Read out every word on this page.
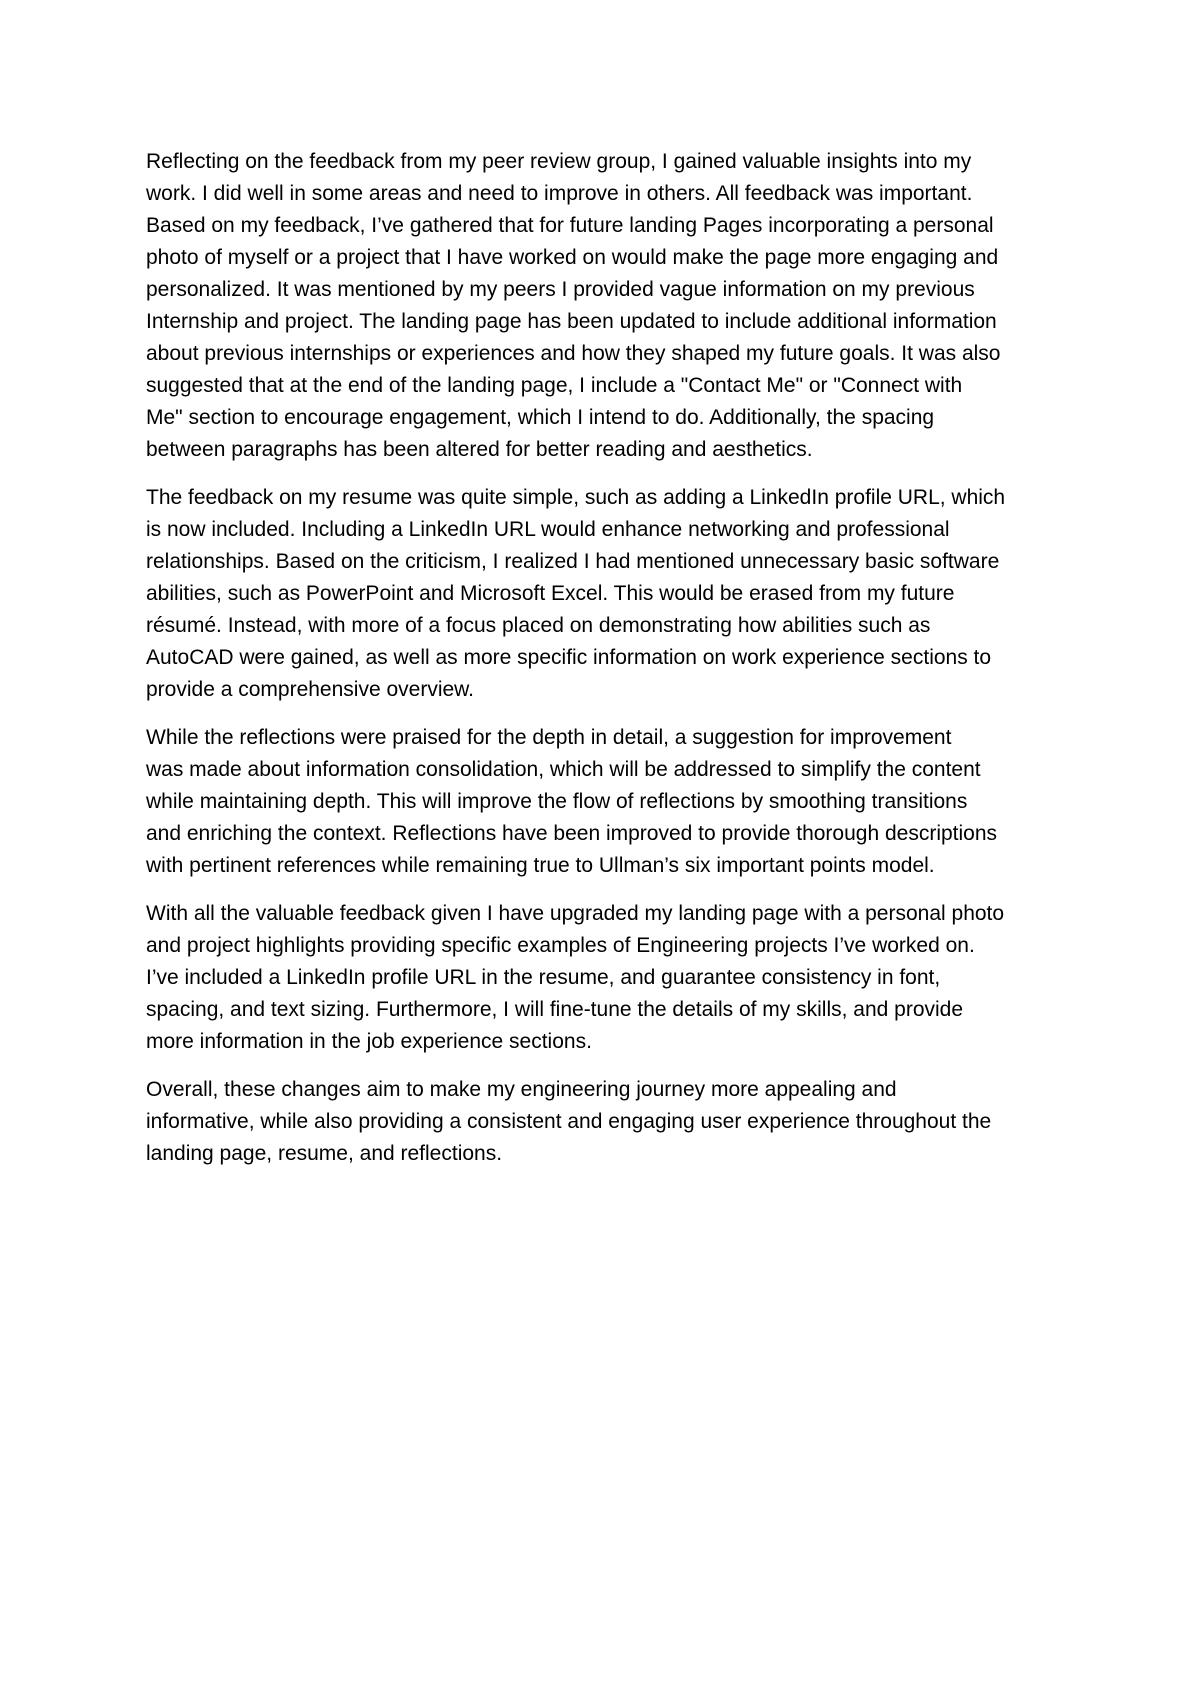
Reflecting on the feedback from my peer review group, I gained valuable insights into my
work. I did well in some areas and need to improve in others. All feedback was important.
Based on my feedback, I’ve gathered that for future landing Pages incorporating a personal
photo of myself or a project that I have worked on would make the page more engaging and
personalized. It was mentioned by my peers I provided vague information on my previous
Internship and project. The landing page has been updated to include additional information
about previous internships or experiences and how they shaped my future goals. It was also
suggested that at the end of the landing page, I include a "Contact Me" or "Connect with
Me" section to encourage engagement, which I intend to do. Additionally, the spacing
between paragraphs has been altered for better reading and aesthetics.

The feedback on my resume was quite simple, such as adding a LinkedIn profile URL, which
is now included. Including a LinkedIn URL would enhance networking and professional
relationships. Based on the criticism, I realized I had mentioned unnecessary basic software
abilities, such as PowerPoint and Microsoft Excel. This would be erased from my future
résumé. Instead, with more of a focus placed on demonstrating how abilities such as
AutoCAD were gained, as well as more specific information on work experience sections to
provide a comprehensive overview.

While the reflections were praised for the depth in detail, a suggestion for improvement
was made about information consolidation, which will be addressed to simplify the content
while maintaining depth. This will improve the flow of reflections by smoothing transitions
and enriching the context. Reflections have been improved to provide thorough descriptions
with pertinent references while remaining true to Ullman’s six important points model.

With all the valuable feedback given I have upgraded my landing page with a personal photo
and project highlights providing specific examples of Engineering projects I’ve worked on.
I’ve included a LinkedIn profile URL in the resume, and guarantee consistency in font,
spacing, and text sizing. Furthermore, I will fine-tune the details of my skills, and provide
more information in the job experience sections.

Overall, these changes aim to make my engineering journey more appealing and
informative, while also providing a consistent and engaging user experience throughout the
landing page, resume, and reflections.
